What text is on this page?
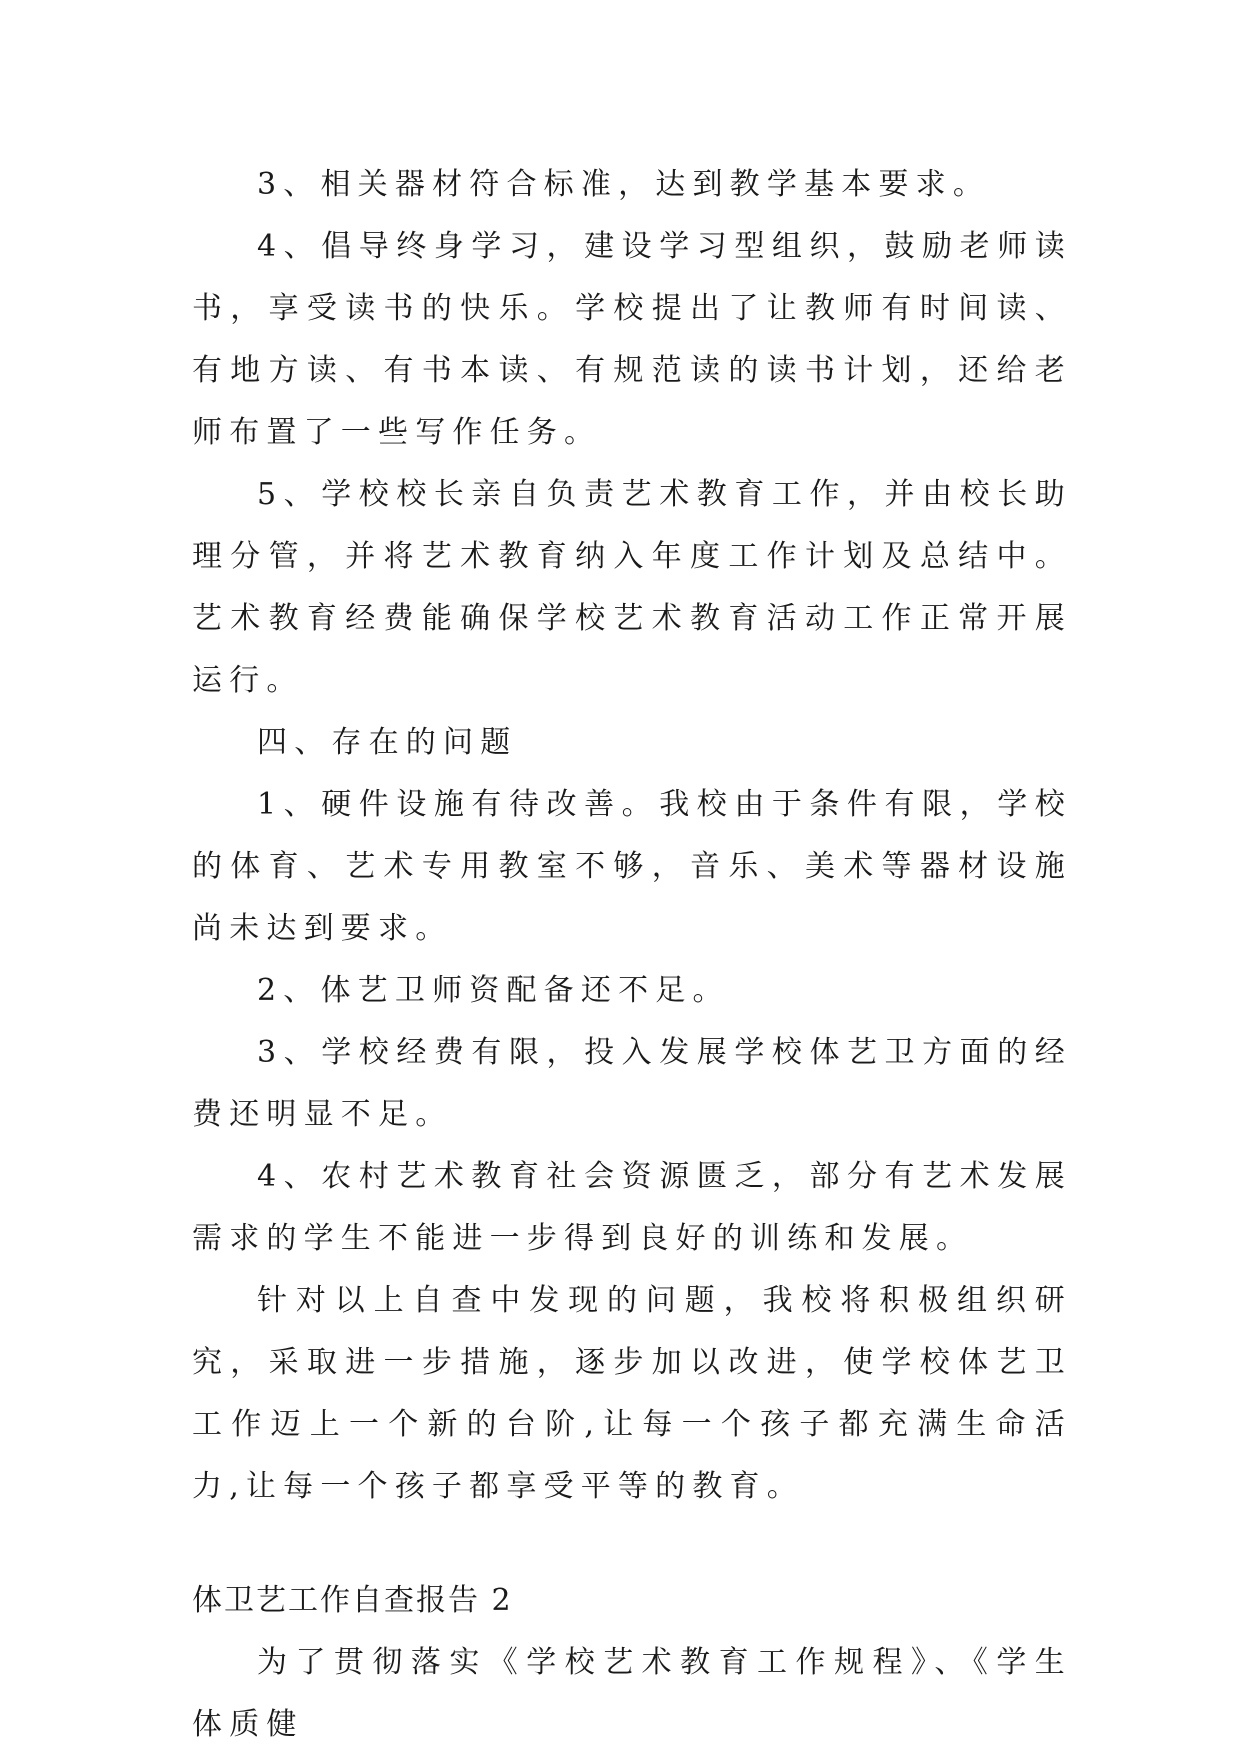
3、相关器材符合标准，达到教学基本要求。

4、倡导终身学习，建设学习型组织，鼓励老师读书，享受读书的快乐。学校提出了让教师有时间读、有地方读、有书本读、有规范读的读书计划，还给老师布置了一些写作任务。

5、学校校长亲自负责艺术教育工作，并由校长助理分管，并将艺术教育纳入年度工作计划及总结中。艺术教育经费能确保学校艺术教育活动工作正常开展运行。

四、存在的问题

1、硬件设施有待改善。我校由于条件有限，学校的体育、艺术专用教室不够，音乐、美术等器材设施尚未达到要求。

2、体艺卫师资配备还不足。

3、学校经费有限，投入发展学校体艺卫方面的经费还明显不足。

4、农村艺术教育社会资源匮乏，部分有艺术发展需求的学生不能进一步得到良好的训练和发展。

针对以上自查中发现的问题，我校将积极组织研究，采取进一步措施，逐步加以改进，使学校体艺卫工作迈上一个新的台阶,让每一个孩子都充满生命活力,让每一个孩子都享受平等的教育。

体卫艺工作自查报告 2

为了贯彻落实《学校艺术教育工作规程》、《学生体质健
